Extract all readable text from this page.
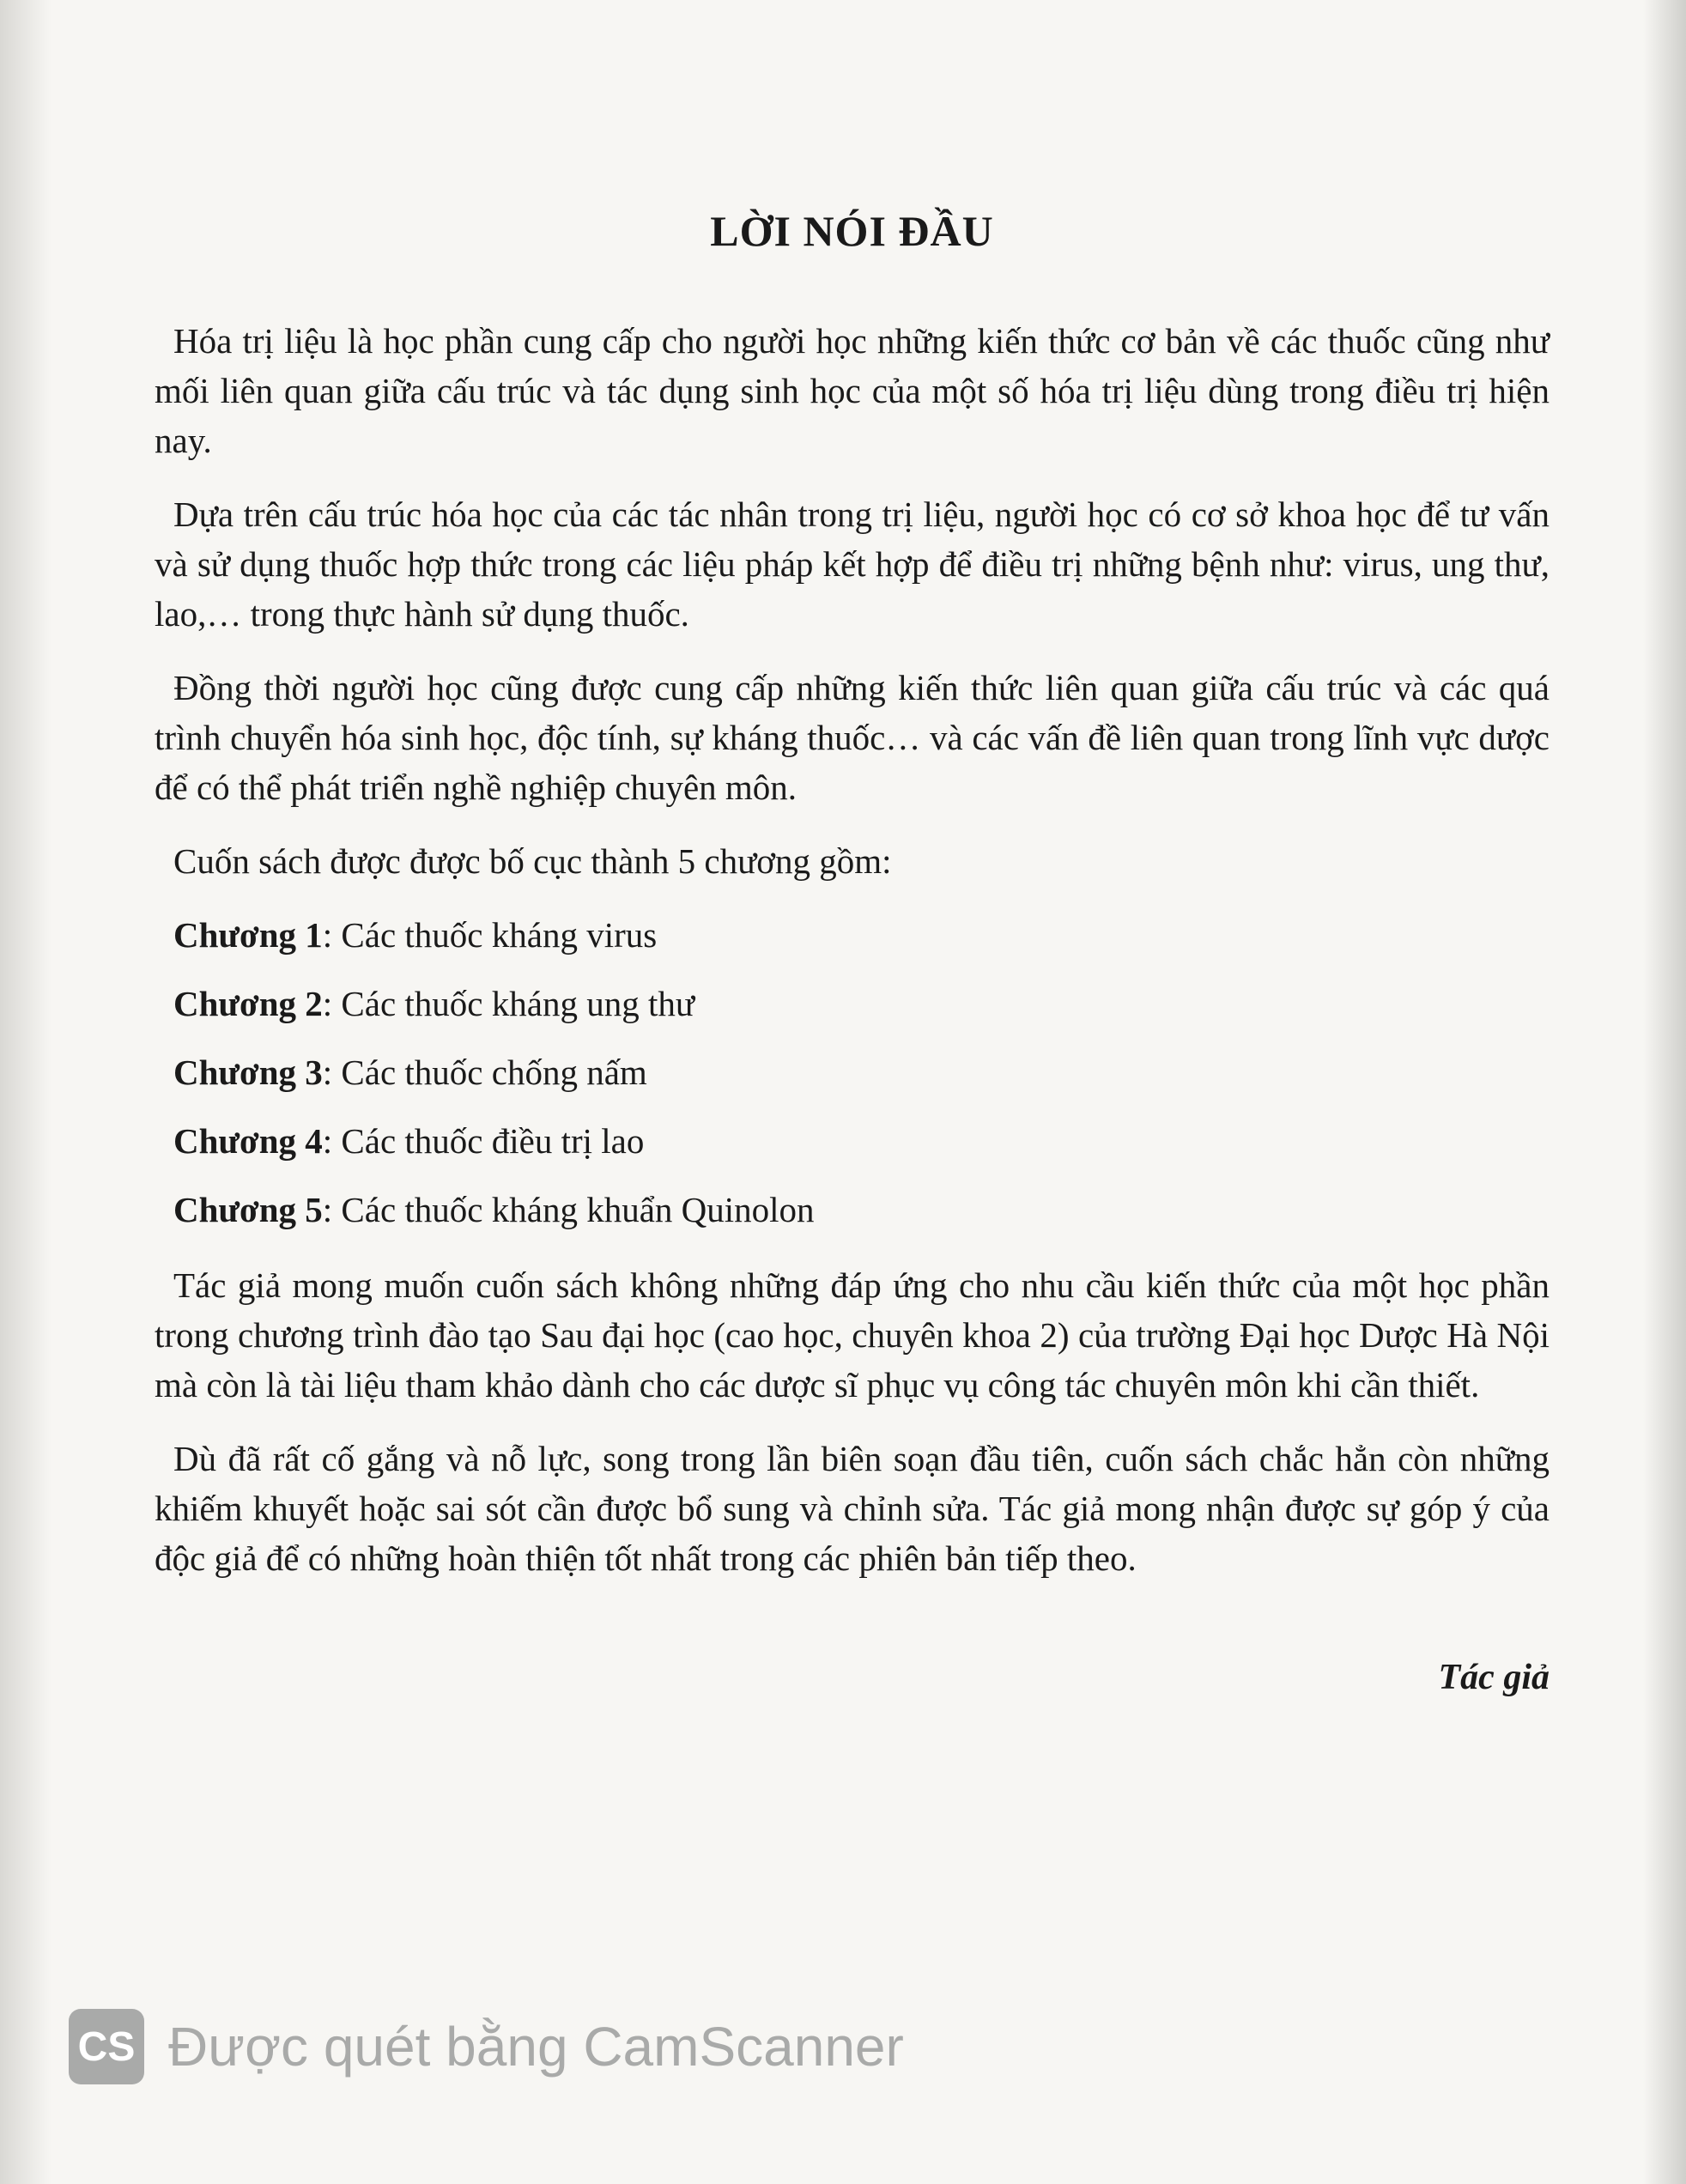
LỜI NÓI ĐẦU

Hóa trị liệu là học phần cung cấp cho người học những kiến thức cơ bản về các thuốc cũng như mối liên quan giữa cấu trúc và tác dụng sinh học của một số hóa trị liệu dùng trong điều trị hiện nay.

Dựa trên cấu trúc hóa học của các tác nhân trong trị liệu, người học có cơ sở khoa học để tư vấn và sử dụng thuốc hợp thức trong các liệu pháp kết hợp để điều trị những bệnh như: virus, ung thư, lao,… trong thực hành sử dụng thuốc.

Đồng thời người học cũng được cung cấp những kiến thức liên quan giữa cấu trúc và các quá trình chuyển hóa sinh học, độc tính, sự kháng thuốc… và các vấn đề liên quan trong lĩnh vực dược để có thể phát triển nghề nghiệp chuyên môn.

Cuốn sách được được bố cục thành 5 chương gồm:

Chương 1: Các thuốc kháng virus
Chương 2: Các thuốc kháng ung thư
Chương 3: Các thuốc chống nấm
Chương 4: Các thuốc điều trị lao
Chương 5: Các thuốc kháng khuẩn Quinolon

Tác giả mong muốn cuốn sách không những đáp ứng cho nhu cầu kiến thức của một học phần trong chương trình đào tạo Sau đại học (cao học, chuyên khoa 2) của trường Đại học Dược Hà Nội mà còn là tài liệu tham khảo dành cho các dược sĩ phục vụ công tác chuyên môn khi cần thiết.

Dù đã rất cố gắng và nỗ lực, song trong lần biên soạn đầu tiên, cuốn sách chắc hẳn còn những khiếm khuyết hoặc sai sót cần được bổ sung và chỉnh sửa. Tác giả mong nhận được sự góp ý của độc giả để có những hoàn thiện tốt nhất trong các phiên bản tiếp theo.

Tác giả
CS Được quét bằng CamScanner
